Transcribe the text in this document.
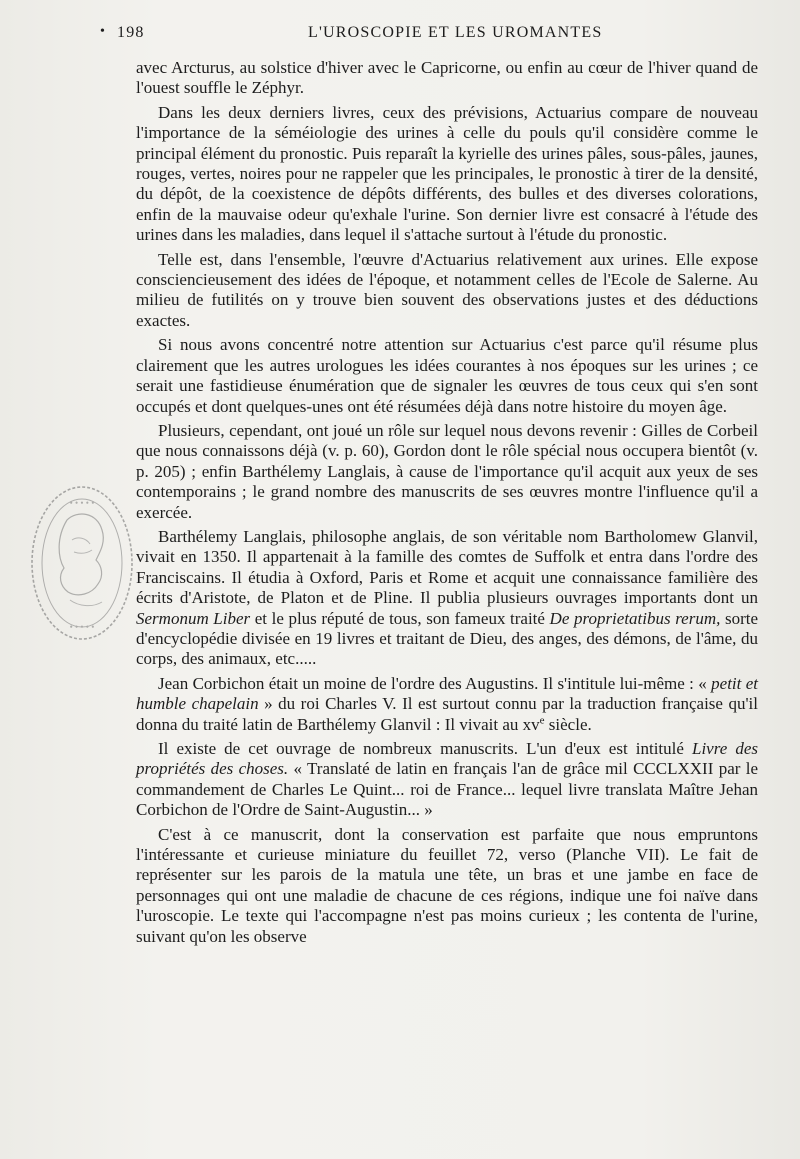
• 198	L'UROSCOPIE ET LES UROMANTES
• • • • •
• • • • •

avec Arcturus, au solstice d'hiver avec le Capricorne, ou enfin au cœur de l'hiver quand de l'ouest souffle le Zéphyr.

Dans les deux derniers livres, ceux des prévisions, Actuarius compare de nouveau l'importance de la séméiologie des urines à celle du pouls qu'il considère comme le principal élément du pronostic. Puis reparaît la kyrielle des urines pâles, sous-pâles, jaunes, rouges, vertes, noires pour ne rappeler que les principales, le pronostic à tirer de la densité, du dépôt, de la coexistence de dépôts différents, des bulles et des diverses colorations, enfin de la mauvaise odeur qu'exhale l'urine. Son dernier livre est consacré à l'étude des urines dans les maladies, dans lequel il s'attache surtout à l'étude du pronostic.

Telle est, dans l'ensemble, l'œuvre d'Actuarius relativement aux urines. Elle expose consciencieusement des idées de l'époque, et notamment celles de l'Ecole de Salerne. Au milieu de futilités on y trouve bien souvent des observations justes et des déductions exactes.

Si nous avons concentré notre attention sur Actuarius c'est parce qu'il résume plus clairement que les autres urologues les idées courantes à nos époques sur les urines ; ce serait une fastidieuse énumération que de signaler les œuvres de tous ceux qui s'en sont occupés et dont quelques-unes ont été résumées déjà dans notre histoire du moyen âge.

Plusieurs, cependant, ont joué un rôle sur lequel nous devons revenir : Gilles de Corbeil que nous connaissons déjà (v. p. 60), Gordon dont le rôle spécial nous occupera bientôt (v. p. 205) ; enfin Barthélemy Langlais, à cause de l'importance qu'il acquit aux yeux de ses contemporains ; le grand nombre des manuscrits de ses œuvres montre l'influence qu'il a exercée.

Barthélemy Langlais, philosophe anglais, de son véritable nom Bartholomew Glanvil, vivait en 1350. Il appartenait à la famille des comtes de Suffolk et entra dans l'ordre des Franciscains. Il étudia à Oxford, Paris et Rome et acquit une connaissance familière des écrits d'Aristote, de Platon et de Pline. Il publia plusieurs ouvrages importants dont un Sermonum Liber et le plus réputé de tous, son fameux traité De proprietatibus rerum, sorte d'encyclopédie divisée en 19 livres et traitant de Dieu, des anges, des démons, de l'âme, du corps, des animaux, etc.....

Jean Corbichon était un moine de l'ordre des Augustins. Il s'intitule lui-même : « petit et humble chapelain » du roi Charles V. Il est surtout connu par la traduction française qu'il donna du traité latin de Barthélemy Glanvil : Il vivait au $xv^e$ siècle.

Il existe de cet ouvrage de nombreux manuscrits. L'un d'eux est intitulé Livre des propriétés des choses. « Translaté de latin en français l'an de grâce mil CCCLXXII par le commandement de Charles Le Quint... roi de France... lequel livre translata Maître Jehan Corbichon de l'Ordre de Saint-Augustin... »

C'est à ce manuscrit, dont la conservation est parfaite que nous empruntons l'intéressante et curieuse miniature du feuillet 72, verso (Planche VII). Le fait de représenter sur les parois de la matula une tête, un bras et une jambe en face de personnages qui ont une maladie de chacune de ces régions, indique une foi naïve dans l'uroscopie. Le texte qui l'accompagne n'est pas moins curieux ; les contenta de l'urine, suivant qu'on les observe
